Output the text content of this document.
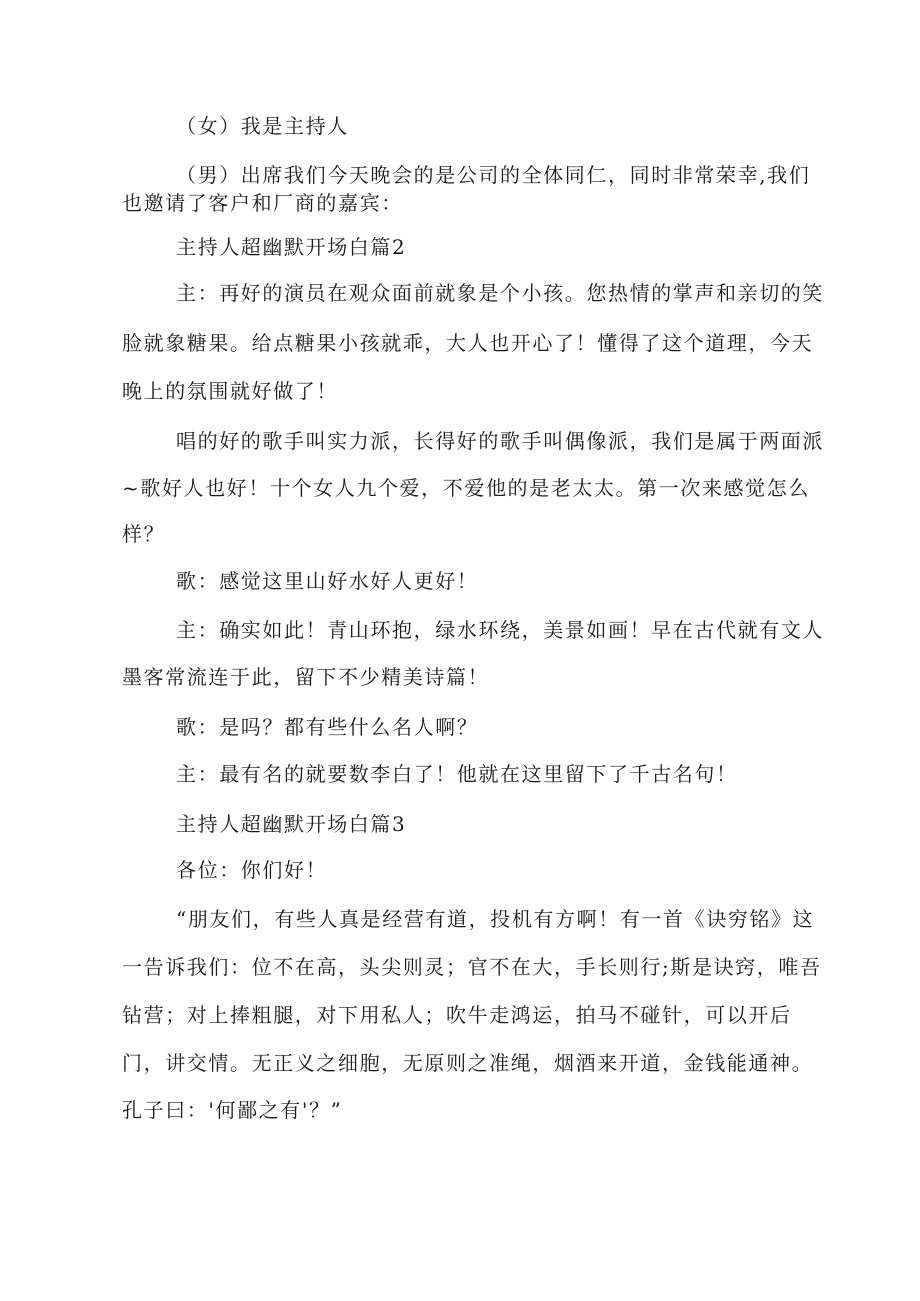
（女）我是主持人
（男）出席我们今天晚会的是公司的全体同仁，同时非常荣幸,我们
也邀请了客户和厂商的嘉宾：
主持人超幽默开场白篇2
主：再好的演员在观众面前就象是个小孩。您热情的掌声和亲切的笑
脸就象糖果。给点糖果小孩就乖，大人也开心了！懂得了这个道理，今天
晚上的氛围就好做了！
唱的好的歌手叫实力派，长得好的歌手叫偶像派，我们是属于两面派
~歌好人也好！十个女人九个爱，不爱他的是老太太。第一次来感觉怎么
样？
歌：感觉这里山好水好人更好！
主：确实如此！青山环抱，绿水环绕，美景如画！早在古代就有文人
墨客常流连于此，留下不少精美诗篇！
歌：是吗？都有些什么名人啊？
主：最有名的就要数李白了！他就在这里留下了千古名句！
主持人超幽默开场白篇3
各位：你们好！
“朋友们，有些人真是经营有道，投机有方啊！有一首《诀穷铭》这
一告诉我们：位不在高，头尖则灵；官不在大，手长则行;斯是诀窍，唯吾
钻营；对上捧粗腿，对下用私人；吹牛走鸿运，拍马不碰针，可以开后
门，讲交情。无正义之细胞，无原则之准绳，烟酒来开道，金钱能通神。
孔子曰：'何鄙之有'？”
